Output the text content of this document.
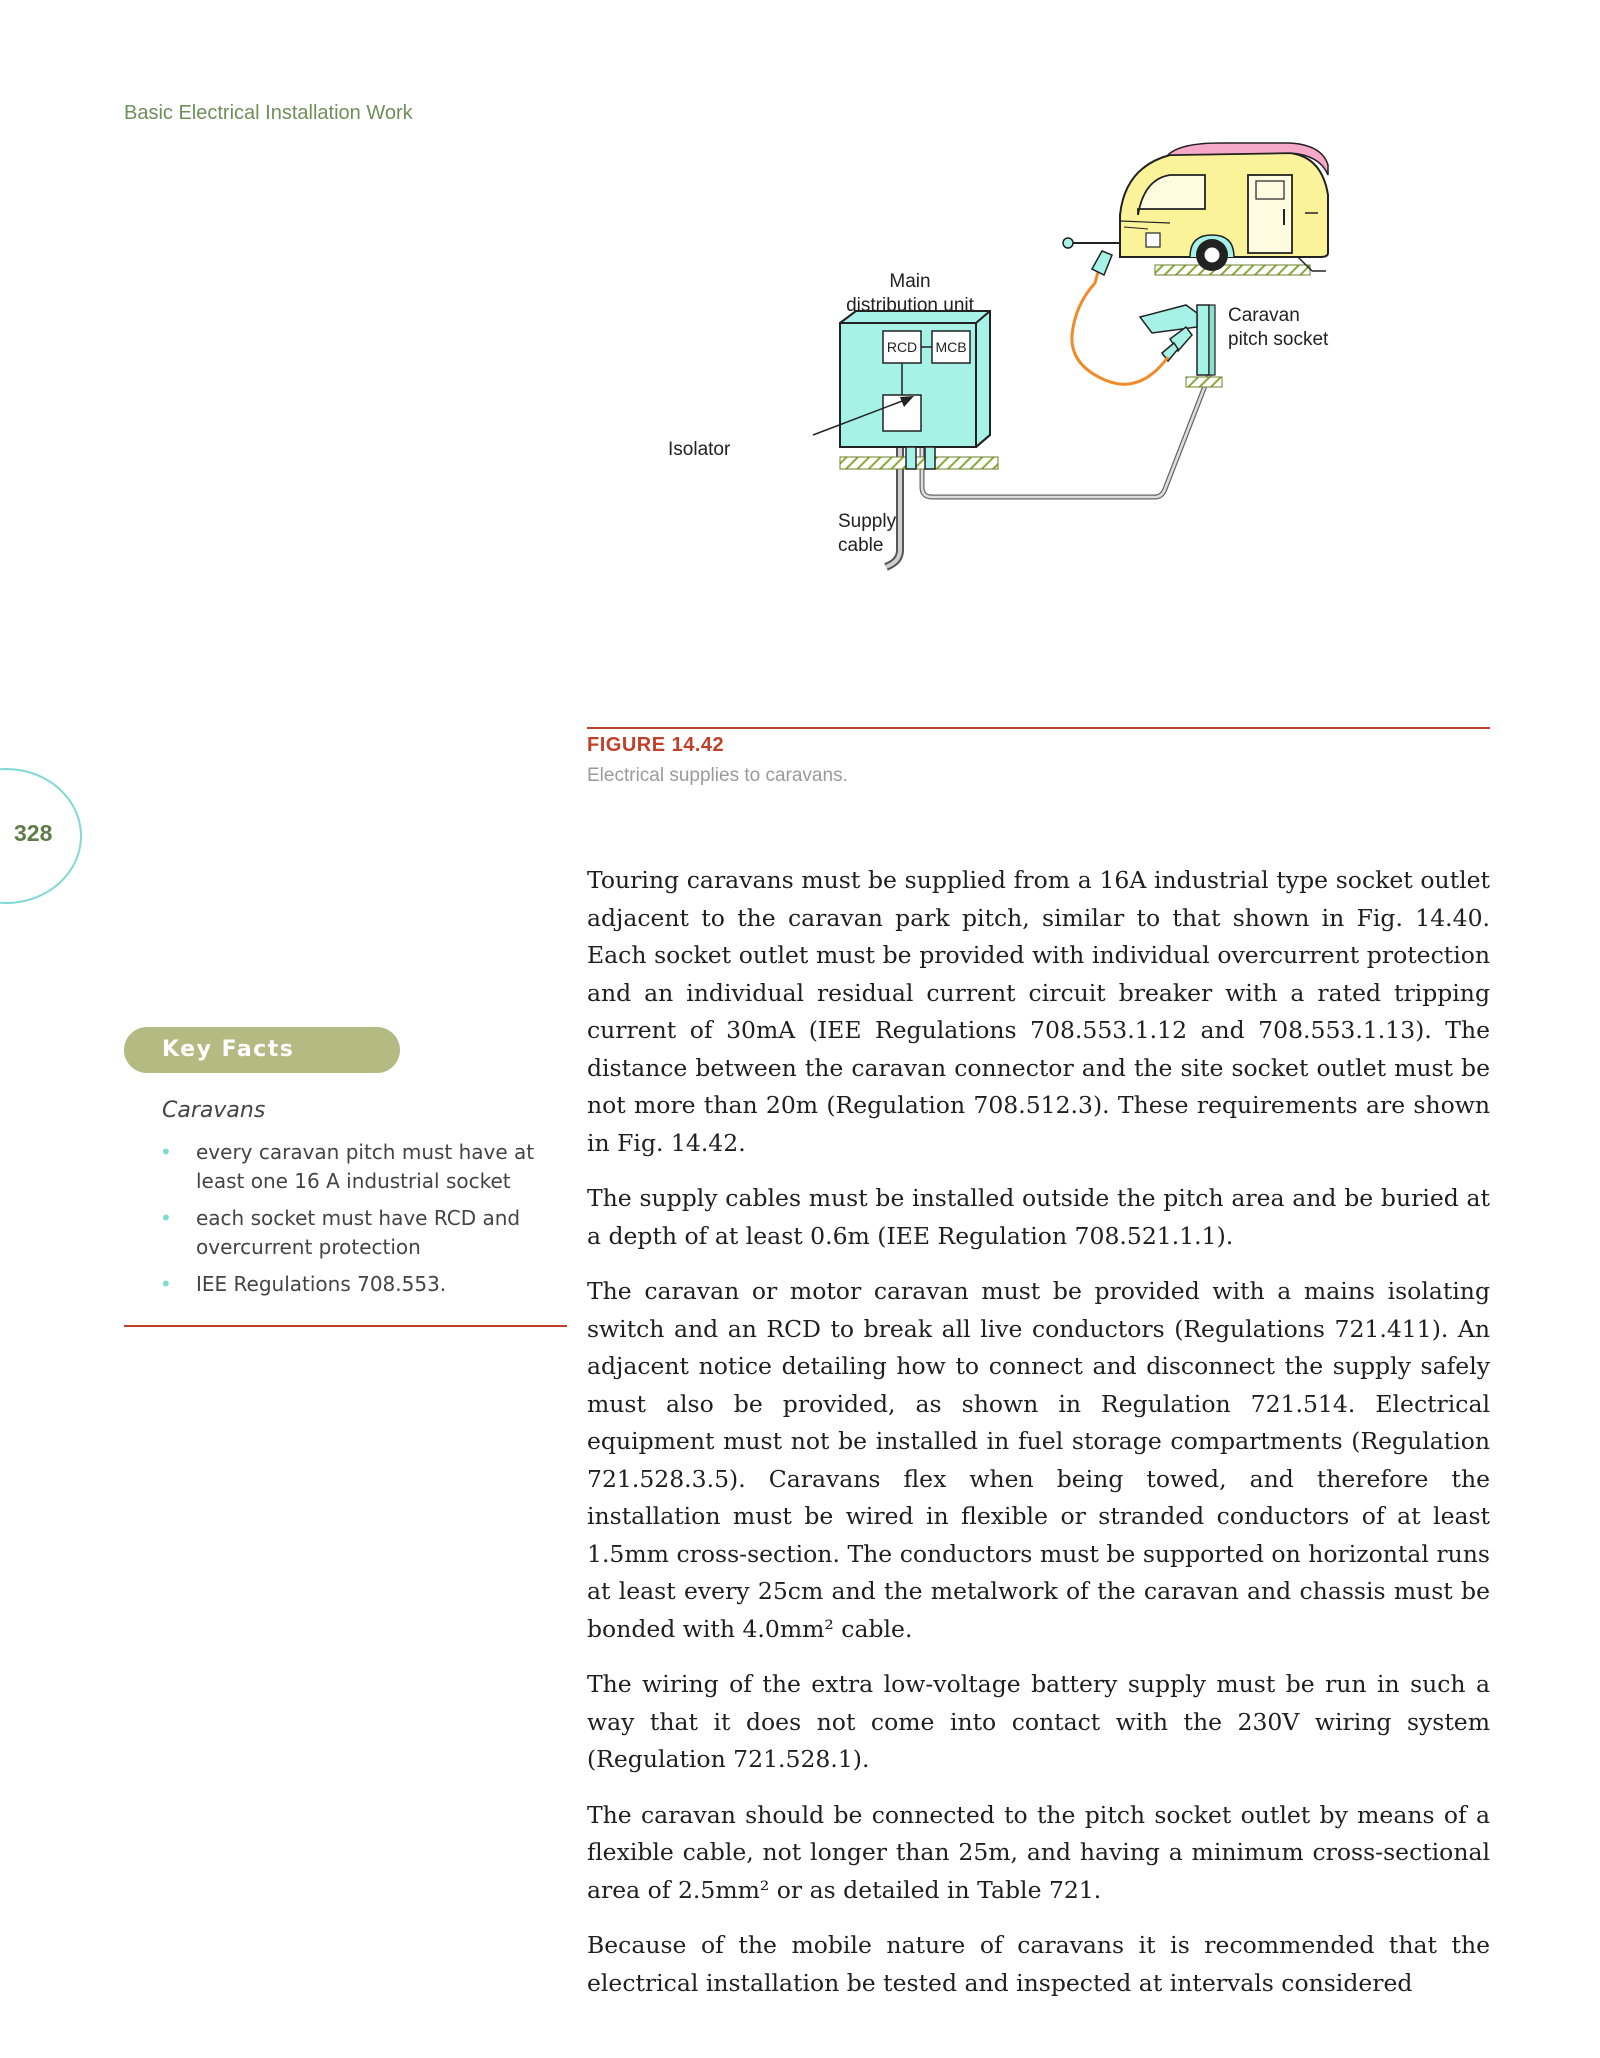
Basic Electrical Installation Work
328
RCD MCB
Main
distribution unit
Isolator
Supply
cable
Caravan
pitch socket
FIGURE 14.42
Electrical supplies to caravans.

Touring caravans must be supplied from a 16A industrial type socket outlet adjacent to the caravan park pitch, similar to that shown in Fig. 14.40. Each socket outlet must be provided with individual overcurrent protection and an individual residual current circuit breaker with a rated tripping current of 30mA (IEE Regulations 708.553.1.12 and 708.553.1.13). The distance between the caravan connector and the site socket outlet must be not more than 20m (Regulation 708.512.3). These requirements are shown in Fig. 14.42.

The supply cables must be installed outside the pitch area and be buried at a depth of at least 0.6m (IEE Regulation 708.521.1.1).

The caravan or motor caravan must be provided with a mains isolating switch and an RCD to break all live conductors (Regulations 721.411). An adjacent notice detailing how to connect and disconnect the supply safely must also be provided, as shown in Regulation 721.514. Electrical equipment must not be installed in fuel storage compartments (Regulation 721.528.3.5). Caravans flex when being towed, and therefore the installation must be wired in flexible or stranded conductors of at least 1.5mm cross-section. The conductors must be supported on horizontal runs at least every 25cm and the metalwork of the caravan and chassis must be bonded with 4.0mm² cable.

The wiring of the extra low-voltage battery supply must be run in such a way that it does not come into contact with the 230V wiring system (Regulation 721.528.1).

The caravan should be connected to the pitch socket outlet by means of a flexible cable, not longer than 25m, and having a minimum cross-sectional area of 2.5mm² or as detailed in Table 721.

Because of the mobile nature of caravans it is recommended that the electrical installation be tested and inspected at intervals considered

Key Facts
Caravans
• every caravan pitch must have at least one 16 A industrial socket
• each socket must have RCD and overcurrent protection
• IEE Regulations 708.553.
